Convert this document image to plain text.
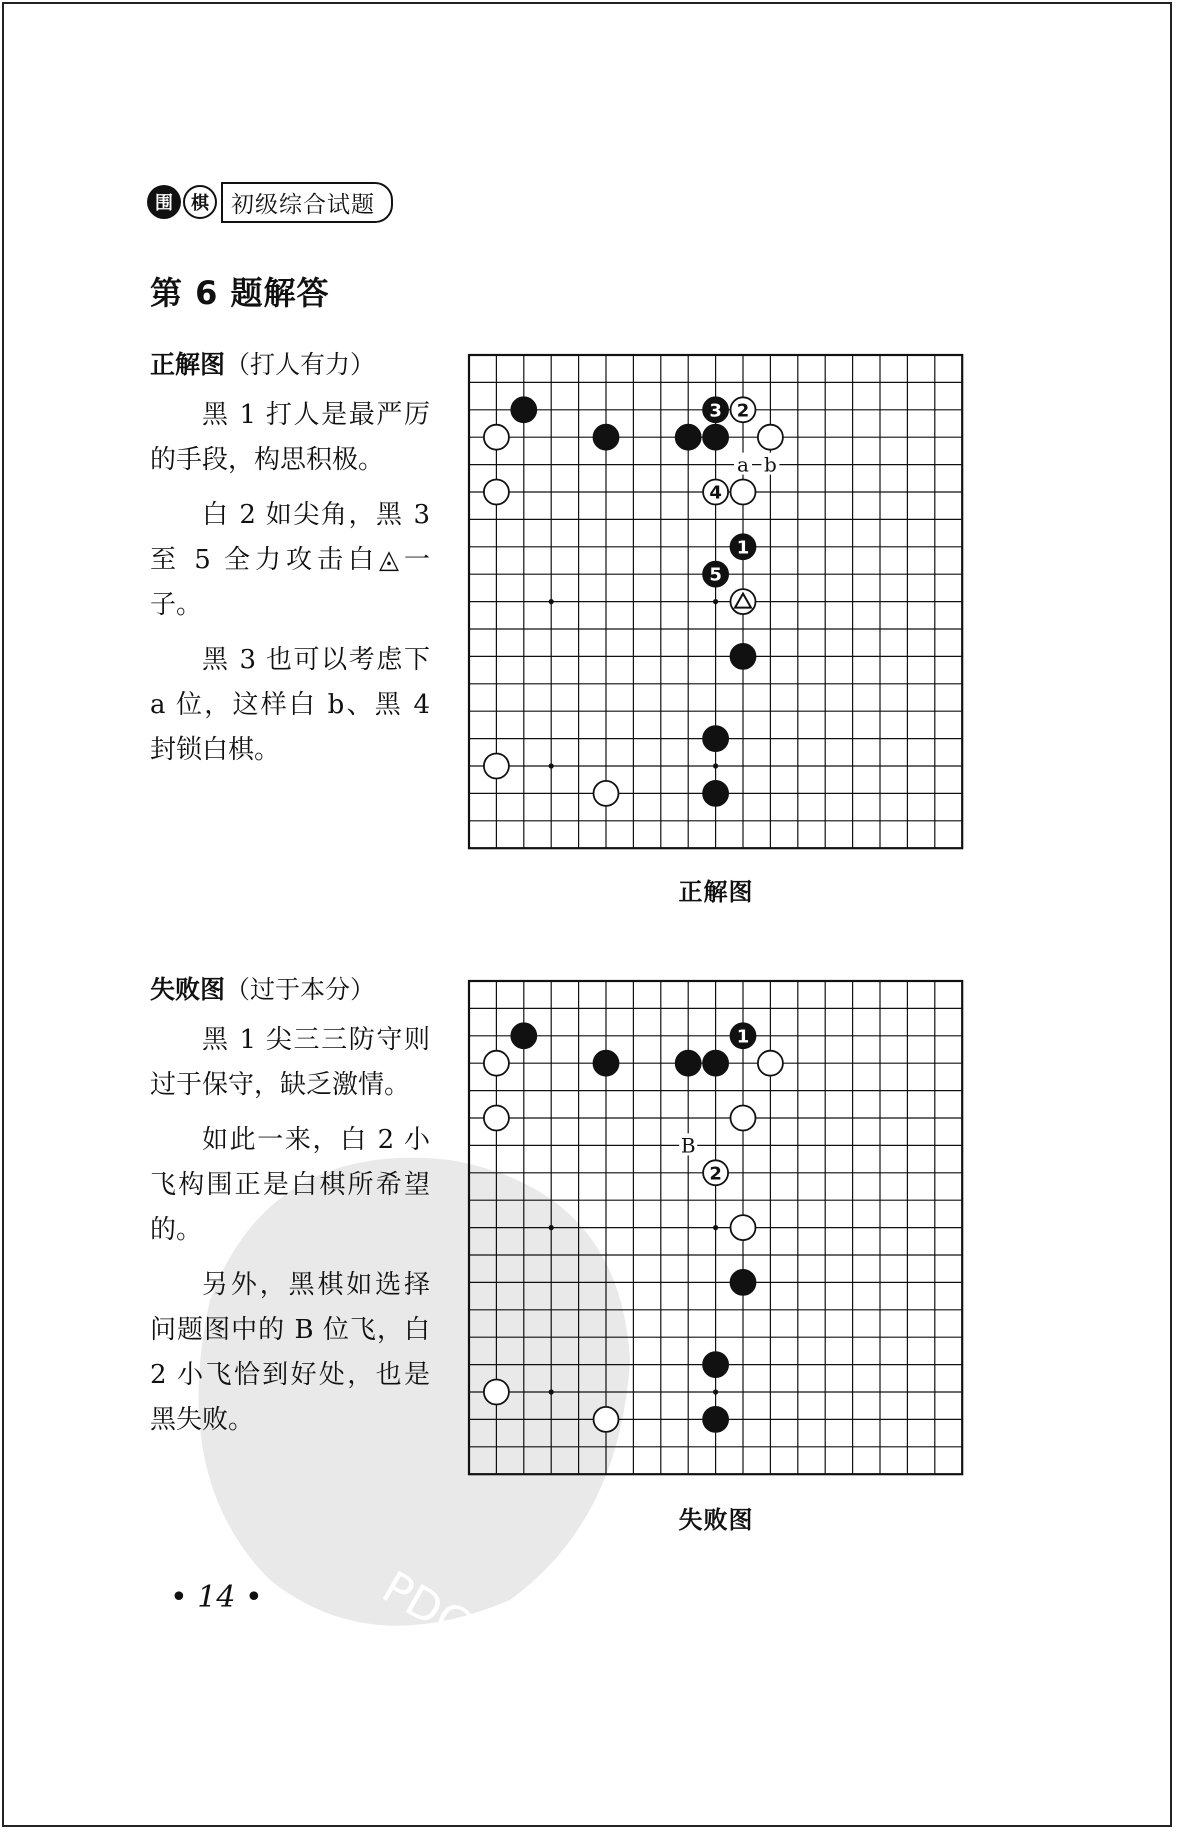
PDG
围	棋 初级综合试题
第 6 题解答
正解图（打人有力）

黑 1 打人是最严厉的手段，构思积极。

白 2 如尖角，黑 3 至 5 全力攻击白◬一子。

黑 3 也可以考虑下 a 位，这样白 b、黑 4 封锁白棋。

a b
3 2
4
1
5
正解图
失败图（过于本分）

黑 1 尖三三防守则过于保守，缺乏激情。

如此一来，白 2 小飞构围正是白棋所希望的。

另外，黑棋如选择问题图中的 B 位飞，白 2 小飞恰到好处，也是黑失败。

B
1
2
失败图
• 14 •
